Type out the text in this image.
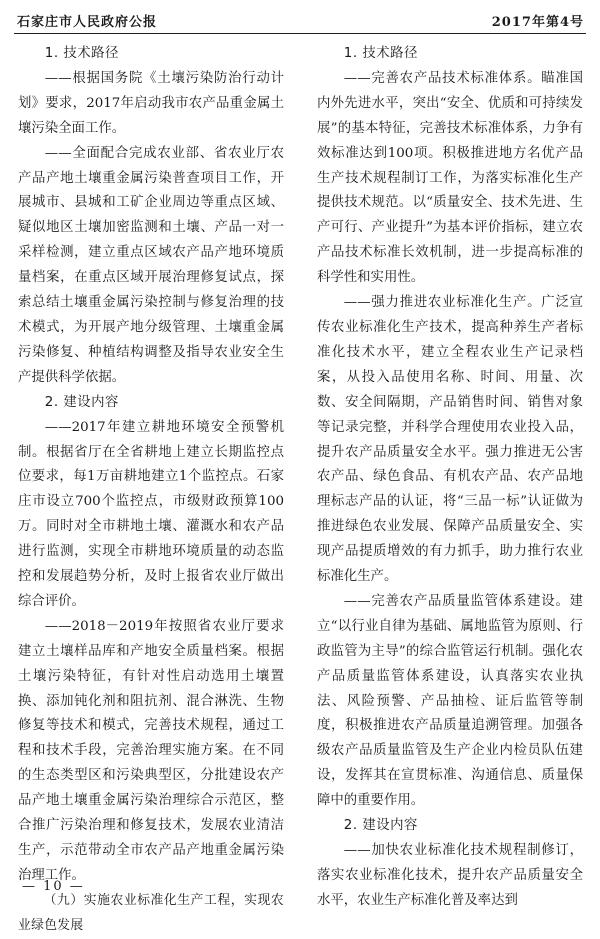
石家庄市人民政府公报	2017年第4号

1. 技术路径

——根据国务院《土壤污染防治行动计划》要求，2017年启动我市农产品重金属土壤污染全面工作。

——全面配合完成农业部、省农业厅农产品产地土壤重金属污染普查项目工作，开展城市、县城和工矿企业周边等重点区域、疑似地区土壤加密监测和土壤、产品一对一采样检测，建立重点区域农产品产地环境质量档案，在重点区域开展治理修复试点，探索总结土壤重金属污染控制与修复治理的技术模式，为开展产地分级管理、土壤重金属污染修复、种植结构调整及指导农业安全生产提供科学依据。

2. 建设内容

——2017年建立耕地环境安全预警机制。根据省厅在全省耕地上建立长期监控点位要求，每1万亩耕地建立1个监控点。石家庄市设立700个监控点，市级财政预算100万。同时对全市耕地土壤、灌溉水和农产品进行监测，实现全市耕地环境质量的动态监控和发展趋势分析，及时上报省农业厅做出综合评价。

——2018－2019年按照省农业厅要求建立土壤样品库和产地安全质量档案。根据土壤污染特征，有针对性启动选用土壤置换、添加钝化剂和阻抗剂、混合淋洗、生物修复等技术和模式，完善技术规程，通过工程和技术手段，完善治理实施方案。在不同的生态类型区和污染典型区，分批建设农产品产地土壤重金属污染治理综合示范区，整合推广污染治理和修复技术，发展农业清洁生产，示范带动全市农产品产地重金属污染治理工作。

（九）实施农业标准化生产工程，实现农业绿色发展

1. 技术路径

——完善农产品技术标准体系。瞄准国内外先进水平，突出“安全、优质和可持续发展”的基本特征，完善技术标准体系，力争有效标准达到100项。积极推进地方名优产品生产技术规程制订工作，为落实标准化生产提供技术规范。以“质量安全、技术先进、生产可行、产业提升”为基本评价指标，建立农产品技术标准长效机制，进一步提高标准的科学性和实用性。

——强力推进农业标准化生产。广泛宣传农业标准化生产技术，提高种养生产者标准化技术水平，建立全程农业生产记录档案，从投入品使用名称、时间、用量、次数、安全间隔期，产品销售时间、销售对象等记录完整，并科学合理使用农业投入品，提升农产品质量安全水平。强力推进无公害农产品、绿色食品、有机农产品、农产品地理标志产品的认证，将“三品一标”认证做为推进绿色农业发展、保障产品质量安全、实现产品提质增效的有力抓手，助力推行农业标准化生产。

——完善农产品质量监管体系建设。建立“以行业自律为基础、属地监管为原则、行政监管为主导”的综合监管运行机制。强化农产品质量监管体系建设，认真落实农业执法、风险预警、产品抽检、证后监管等制度，积极推进农产品质量追溯管理。加强各级农产品质量监管及生产企业内检员队伍建设，发挥其在宣贯标准、沟通信息、质量保障中的重要作用。

2. 建设内容

——加快农业标准化技术规程制修订，落实农业标准化技术，提升农产品质量安全水平，农业生产标准化普及率达到

— 10 —
